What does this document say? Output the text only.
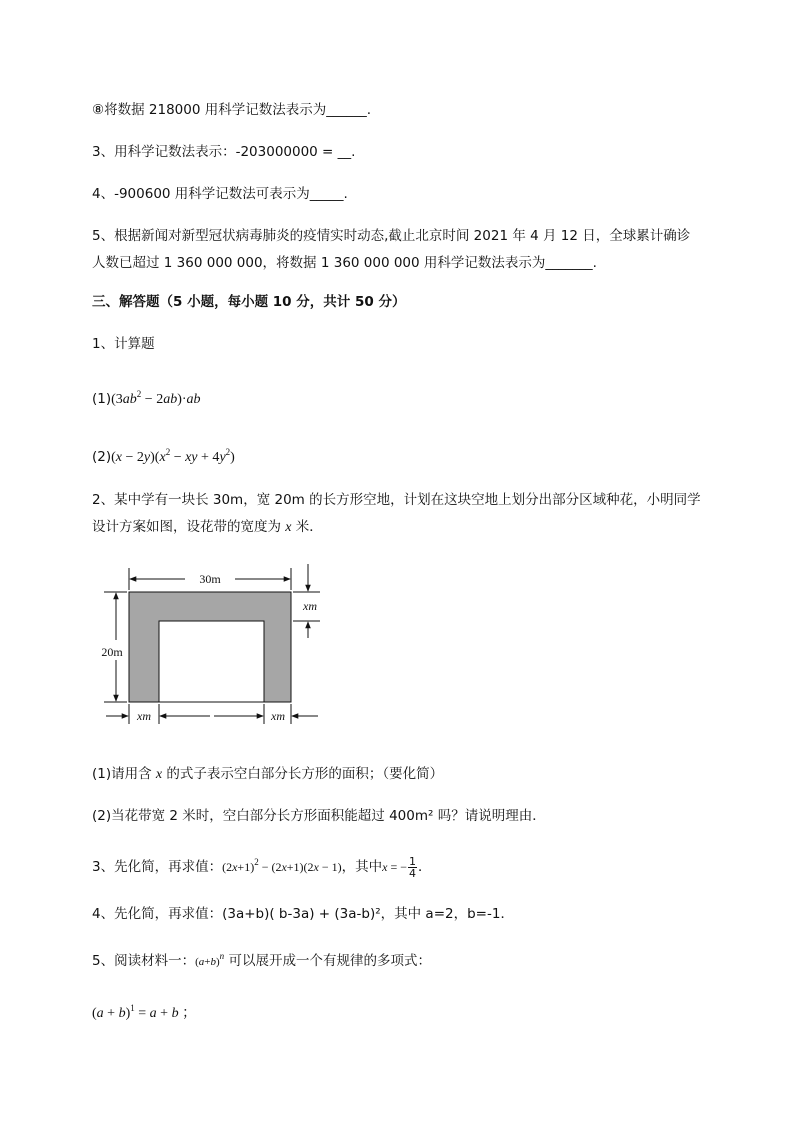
⑧将数据 218000 用科学记数法表示为______.
3、用科学记数法表示：-203000000 = __.
4、-900600 用科学记数法可表示为_____.
5、根据新闻对新型冠状病毒肺炎的疫情实时动态,截止北京时间 2021 年 4 月 12 日，全球累计确诊
人数已超过 1 360 000 000，将数据 1 360 000 000 用科学记数法表示为_______.
三、解答题（5 小题，每小题 10 分，共计 50 分）
1、计算题
$(1)(3ab^2 - 2ab)\cdot ab$
$(2)(x - 2y)(x^2$ − xy + $4y^2$)
2、某中学有一块长 30m，宽 20m 的长方形空地，计划在这块空地上划分出部分区域种花，小明同学
设计方案如图，设花带的宽度为 x 米．
30m
20m
xm
xm	xm
(1)请用含 x 的式子表示空白部分长方形的面积；（要化简）
(2)当花带宽 2 米时，空白部分长方形面积能超过 400m² 吗？请说明理由．
3、先化简，再求值：$(2x+1)^2 - (2x+1)(2x - 1)$，其中x = − $\frac{1}{4}$ ．
4、先化简，再求值：(3a+b)( b-3a) + (3a-b)²，其中 a=2，b=-1．
5、阅读材料一：$(a+b)^n$ 可以展开成一个有规律的多项式：
$(a + b)^1 = a + b$ ；
